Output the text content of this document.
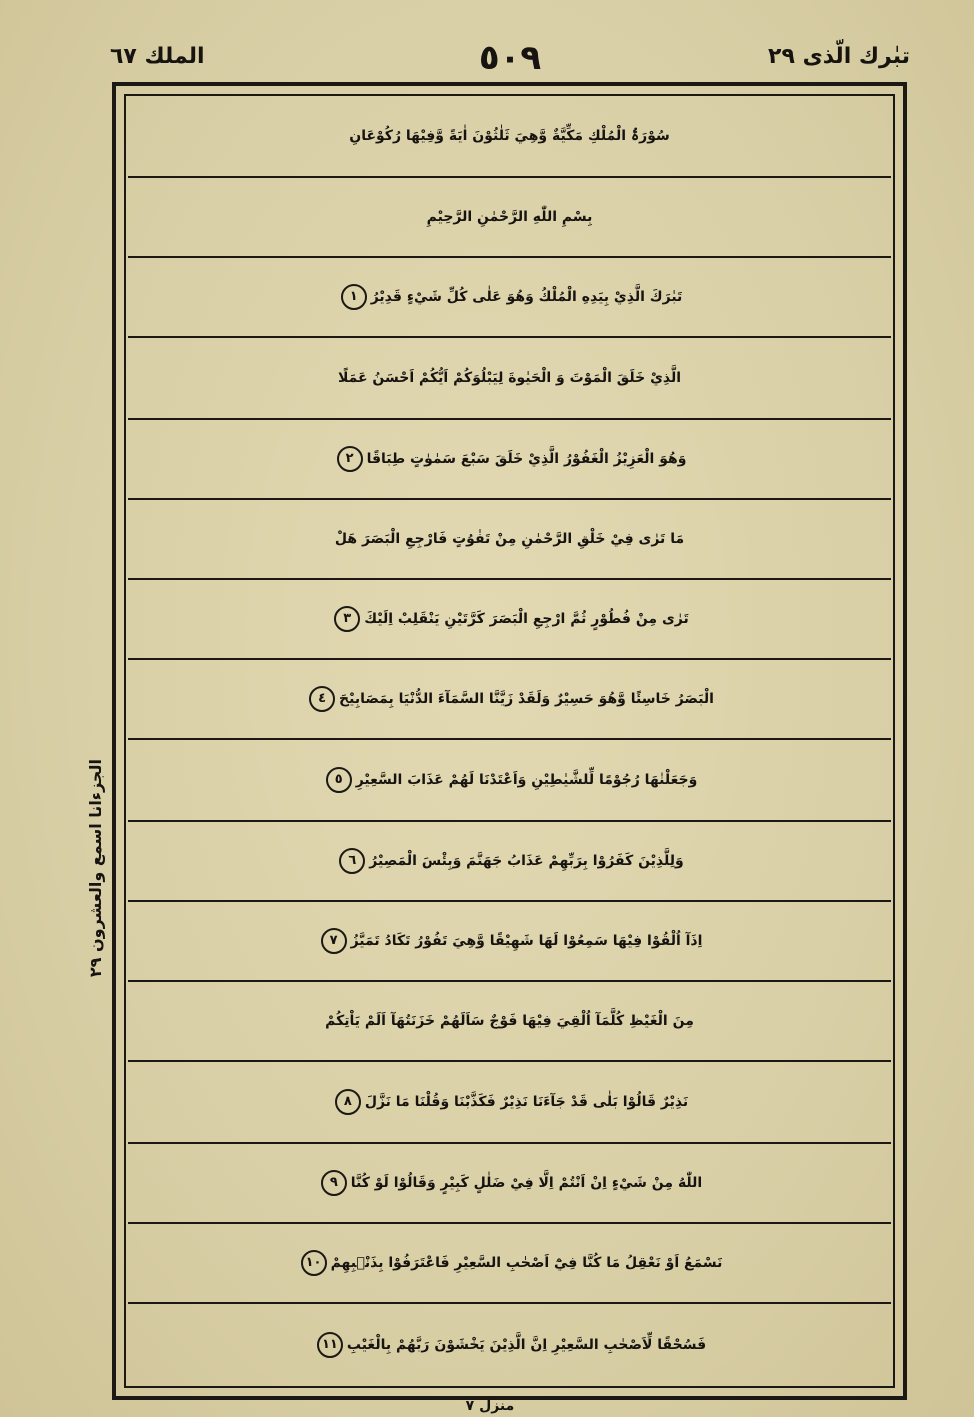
تبٰرك الّذى ٢٩
٥٠٩
الملك ٦٧
الجزءانا اسمع والعشرون ٢٩
سُوْرَۃُ الْمُلْكِ مَكِّيَّةٌ وَّهِيَ ثَلٰثُوْنَ اٰيَةً وَّفِيْهَا رُكُوْعَانِ
بِسْمِ اللّٰهِ الرَّحْمٰنِ الرَّحِيْمِ
تَبٰرَكَ الَّذِيْ بِيَدِهِ الْمُلْكُ وَهُوَ عَلٰى كُلِّ شَيْءٍ قَدِيْرُ
١
الَّذِيْ خَلَقَ الْمَوْتَ وَ الْحَيٰوةَ لِيَبْلُوَكُمْ اَيُّكُمْ اَحْسَنُ عَمَلًا
وَهُوَ الْعَزِيْزُ الْغَفُوْرُ الَّذِيْ خَلَقَ سَبْعَ سَمٰوٰتٍ طِبَاقًا
٢
مَا تَرٰى فِيْ خَلْقِ الرَّحْمٰنِ مِنْ تَفٰوُتٍ فَارْجِعِ الْبَصَرَ هَلْ
تَرٰى مِنْ فُطُوْرٍ ثُمَّ ارْجِعِ الْبَصَرَ كَرَّتَيْنِ يَنْقَلِبْ اِلَيْكَ
٣
الْبَصَرُ خَاسِئًا وَّهُوَ حَسِيْرٌ وَلَقَدْ زَيَّنَّا السَّمَآءَ الدُّنْيَا بِمَصَابِيْحَ
٤
وَجَعَلْنٰهَا رُجُوْمًا لِّلشَّيٰطِيْنِ وَاَعْتَدْنَا لَهُمْ عَذَابَ السَّعِيْرِ
٥
وَلِلَّذِيْنَ كَفَرُوْا بِرَبِّهِمْ عَذَابُ جَهَنَّمَ وَبِئْسَ الْمَصِيْرُ
٦
اِذَآ اُلْقُوْا فِيْهَا سَمِعُوْا لَهَا شَهِيْقًا وَّهِيَ تَفُوْرُ تَكَادُ تَمَيَّزُ
٧
مِنَ الْغَيْظِ كُلَّمَآ اُلْقِيَ فِيْهَا فَوْجٌ سَاَلَهُمْ خَزَنَتُهَآ اَلَمْ يَاْتِكُمْ
نَذِيْرٌ قَالُوْا بَلٰى قَدْ جَآءَنَا نَذِيْرٌ فَكَذَّبْنَا وَقُلْنَا مَا نَزَّلَ
٨
اللّٰهُ مِنْ شَيْءٍ اِنْ اَنْتُمْ اِلَّا فِيْ ضَلٰلٍ كَبِيْرٍ وَقَالُوْا لَوْ كُنَّا
٩
نَسْمَعُ اَوْ نَعْقِلُ مَا كُنَّا فِيْٓ اَصْحٰبِ السَّعِيْرِ فَاعْتَرَفُوْا بِذَنْۢبِهِمْ
١٠
فَسُحْقًا لِّاَصْحٰبِ السَّعِيْرِ اِنَّ الَّذِيْنَ يَخْشَوْنَ رَبَّهُمْ بِالْغَيْبِ
١١
منزل ٧
